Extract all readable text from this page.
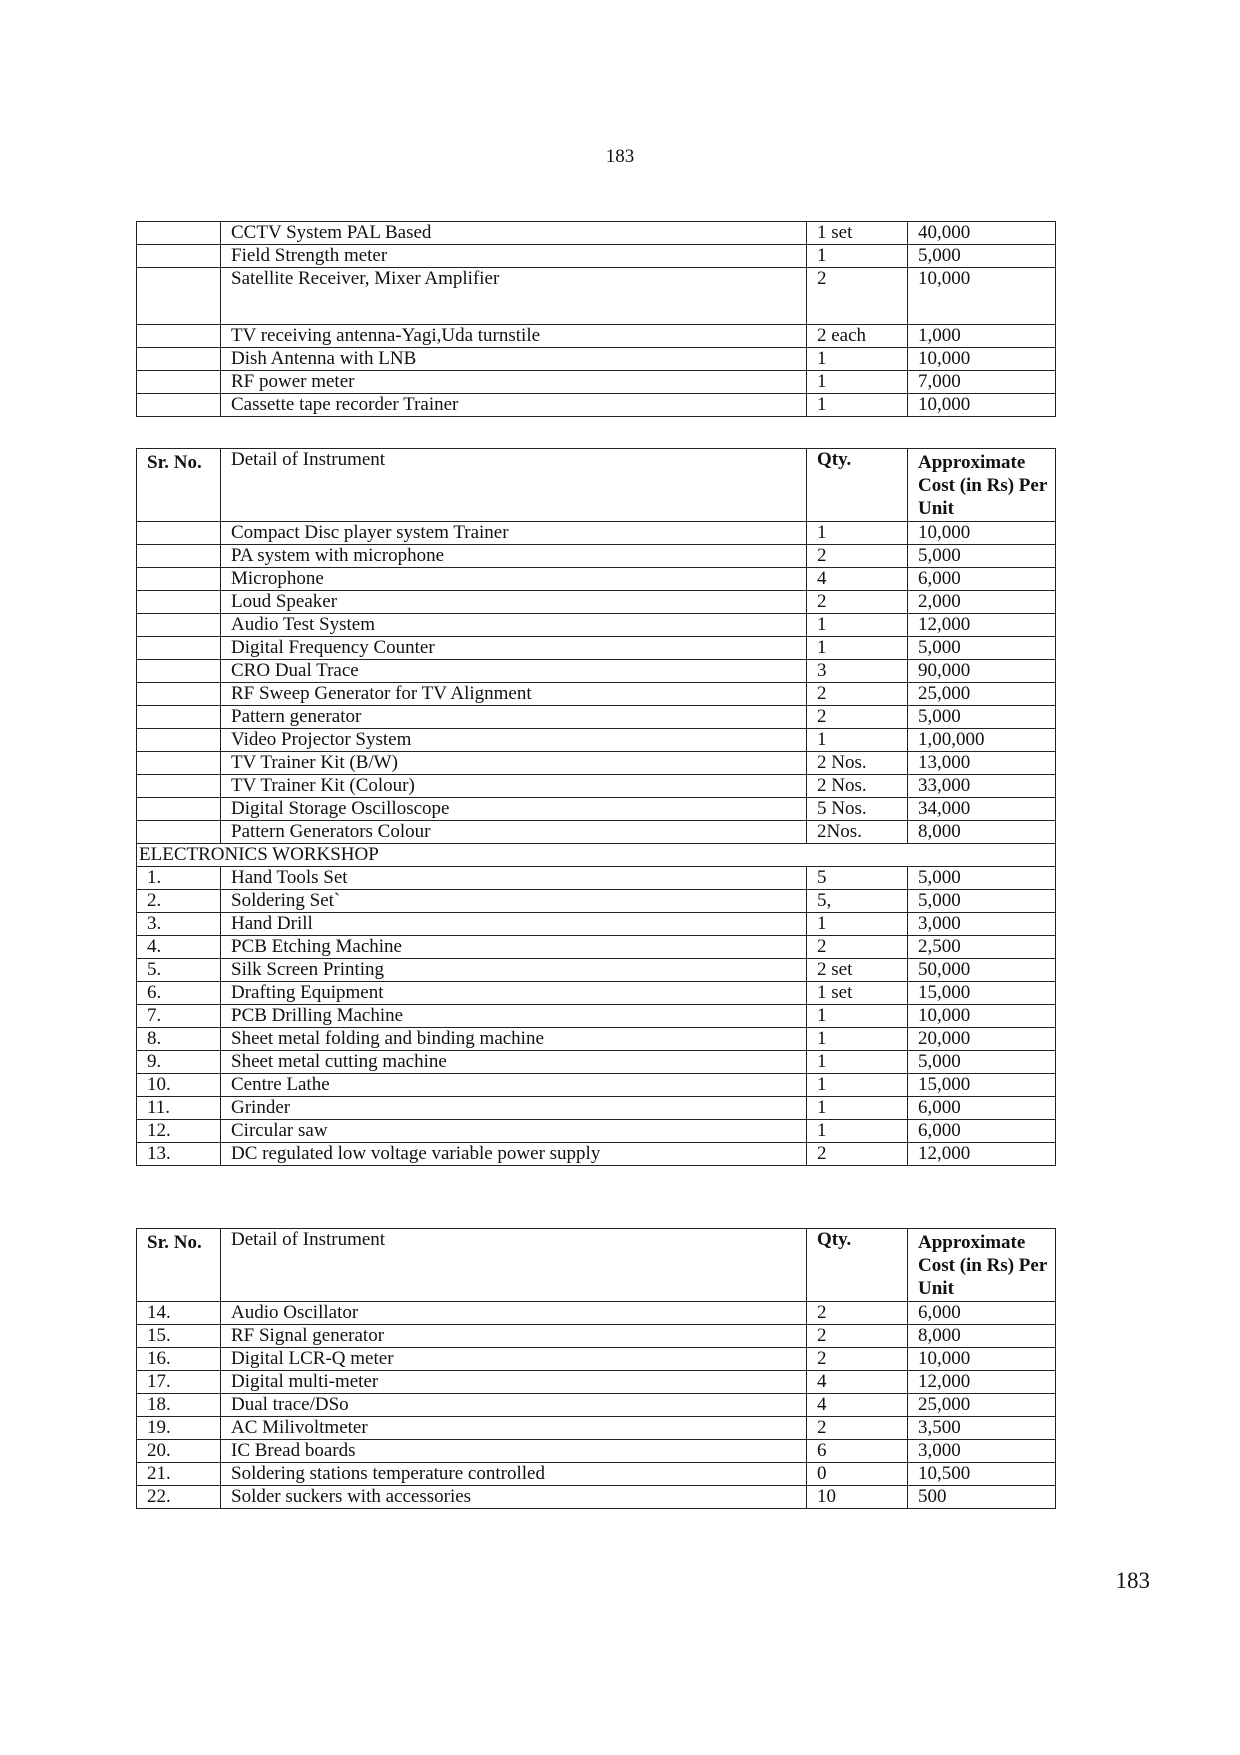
183
	CCTV System PAL Based	1 set	40,000
	Field Strength meter	1	5,000
	Satellite Receiver, Mixer Amplifier	2	10,000
	TV receiving antenna-Yagi,Uda turnstile	2 each	1,000
	Dish Antenna with LNB	1	10,000
	RF power meter	1	7,000
	Cassette tape recorder Trainer	1	10,000
Sr. No.	Detail of Instrument	Qty.	Approximate Cost (in Rs) Per Unit
	Compact Disc player system Trainer	1	10,000
	PA system with microphone	2	5,000
	Microphone	4	6,000
	Loud Speaker	2	2,000
	Audio Test System	1	12,000
	Digital Frequency Counter	1	5,000
	CRO Dual Trace	3	90,000
	RF Sweep Generator for TV Alignment	2	25,000
	Pattern generator	2	5,000
	Video Projector System	1	1,00,000
	TV Trainer Kit (B/W)	2 Nos.	13,000
	TV Trainer Kit (Colour)	2 Nos.	33,000
	Digital Storage Oscilloscope	5 Nos.	34,000
	Pattern Generators Colour	2Nos.	8,000
ELECTRONICS WORKSHOP			
1.	Hand Tools Set	5	5,000
2.	Soldering Set`	5,	5,000
3.	Hand Drill	1	3,000
4.	PCB Etching Machine	2	2,500
5.	Silk Screen Printing	2 set	50,000
6.	Drafting Equipment	1 set	15,000
7.	PCB Drilling Machine	1	10,000
8.	Sheet metal folding and binding machine	1	20,000
9.	Sheet metal cutting machine	1	5,000
10.	Centre Lathe	1	15,000
11.	Grinder	1	6,000
12.	Circular saw	1	6,000
13.	DC regulated low voltage variable power supply	2	12,000
Sr. No.	Detail of Instrument	Qty.	Approximate Cost (in Rs) Per Unit
14.	Audio Oscillator	2	6,000
15.	RF Signal generator	2	8,000
16.	Digital LCR-Q meter	2	10,000
17.	Digital multi-meter	4	12,000
18.	Dual trace/DSo	4	25,000
19.	AC Milivoltmeter	2	3,500
20.	IC Bread boards	6	3,000
21.	Soldering stations temperature controlled	0	10,500
22.	Solder suckers with accessories	10	500
183
